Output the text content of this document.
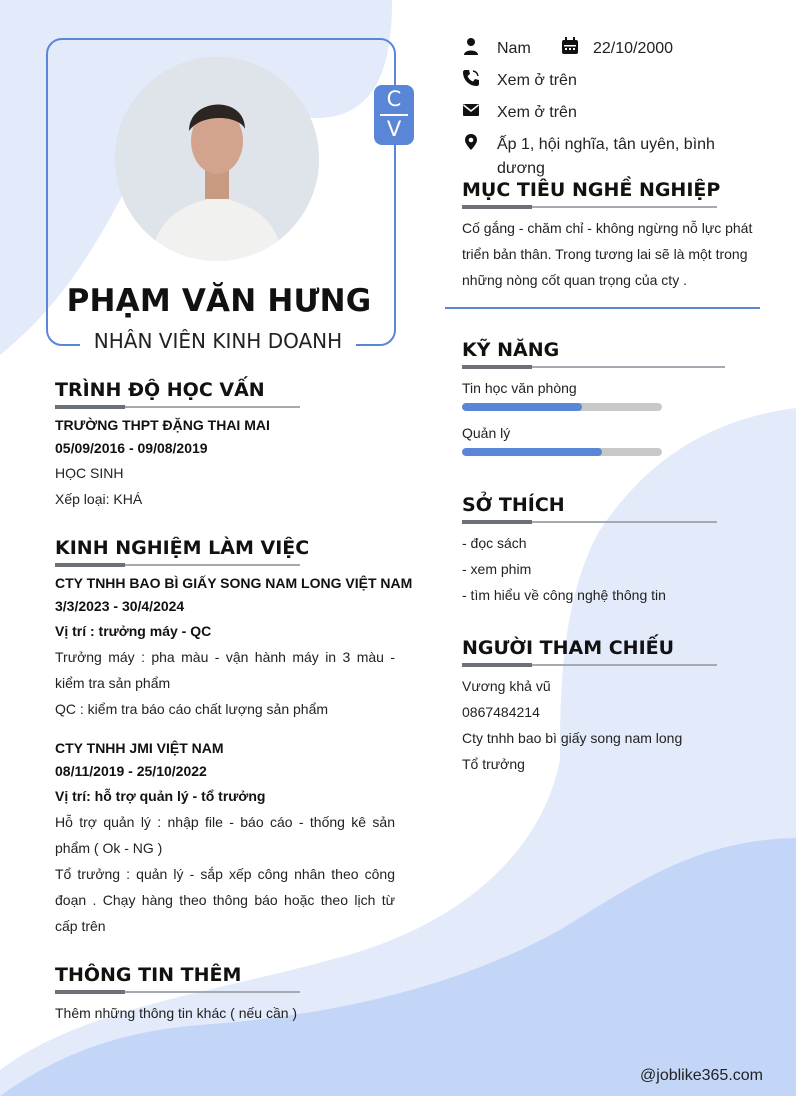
C
V
PHẠM VĂN HƯNG
NHÂN VIÊN KINH DOANH
Nam	22/10/2000
Xem ở trên
Xem ở trên
Ấp 1, hội nghĩa, tân uyên, bình
dương
MỤC TIÊU NGHỀ NGHIỆP
Cố gắng - chăm chỉ - không ngừng nỗ lực phát triển bản thân. Trong tương lai sẽ là một trong những nòng cốt quan trọng của cty .
TRÌNH ĐỘ HỌC VẤN
TRƯỜNG THPT ĐẶNG THAI MAI
05/09/2016 - 09/08/2019
HỌC SINH
Xếp loại: KHÁ
KINH NGHIỆM LÀM VIỆC
CTY TNHH BAO BÌ GIẤY SONG NAM LONG VIỆT NAM
3/3/2023 - 30/4/2024
Vị trí : trưởng máy - QC
Trưởng máy : pha màu - vận hành máy in 3 màu - kiểm tra sản phẩm
QC : kiểm tra báo cáo chất lượng sản phẩm
CTY TNHH JMI VIỆT NAM
08/11/2019 - 25/10/2022
Vị trí: hỗ trợ quản lý - tổ trưởng
Hỗ trợ quản lý : nhập file - báo cáo - thống kê sản phẩm ( Ok - NG )
Tổ trưởng : quản lý - sắp xếp công nhân theo công đoạn . Chạy hàng theo thông báo hoặc theo lịch từ cấp trên
THÔNG TIN THÊM
Thêm những thông tin khác ( nếu cần )
KỸ NĂNG
Tin học văn phòng
Quản lý
SỞ THÍCH
- đọc sách
- xem phim
- tìm hiểu về công nghệ thông tin
NGƯỜI THAM CHIẾU
Vương khả vũ
0867484214
Cty tnhh bao bì giấy song nam long
Tổ trưởng
@joblike365.com
